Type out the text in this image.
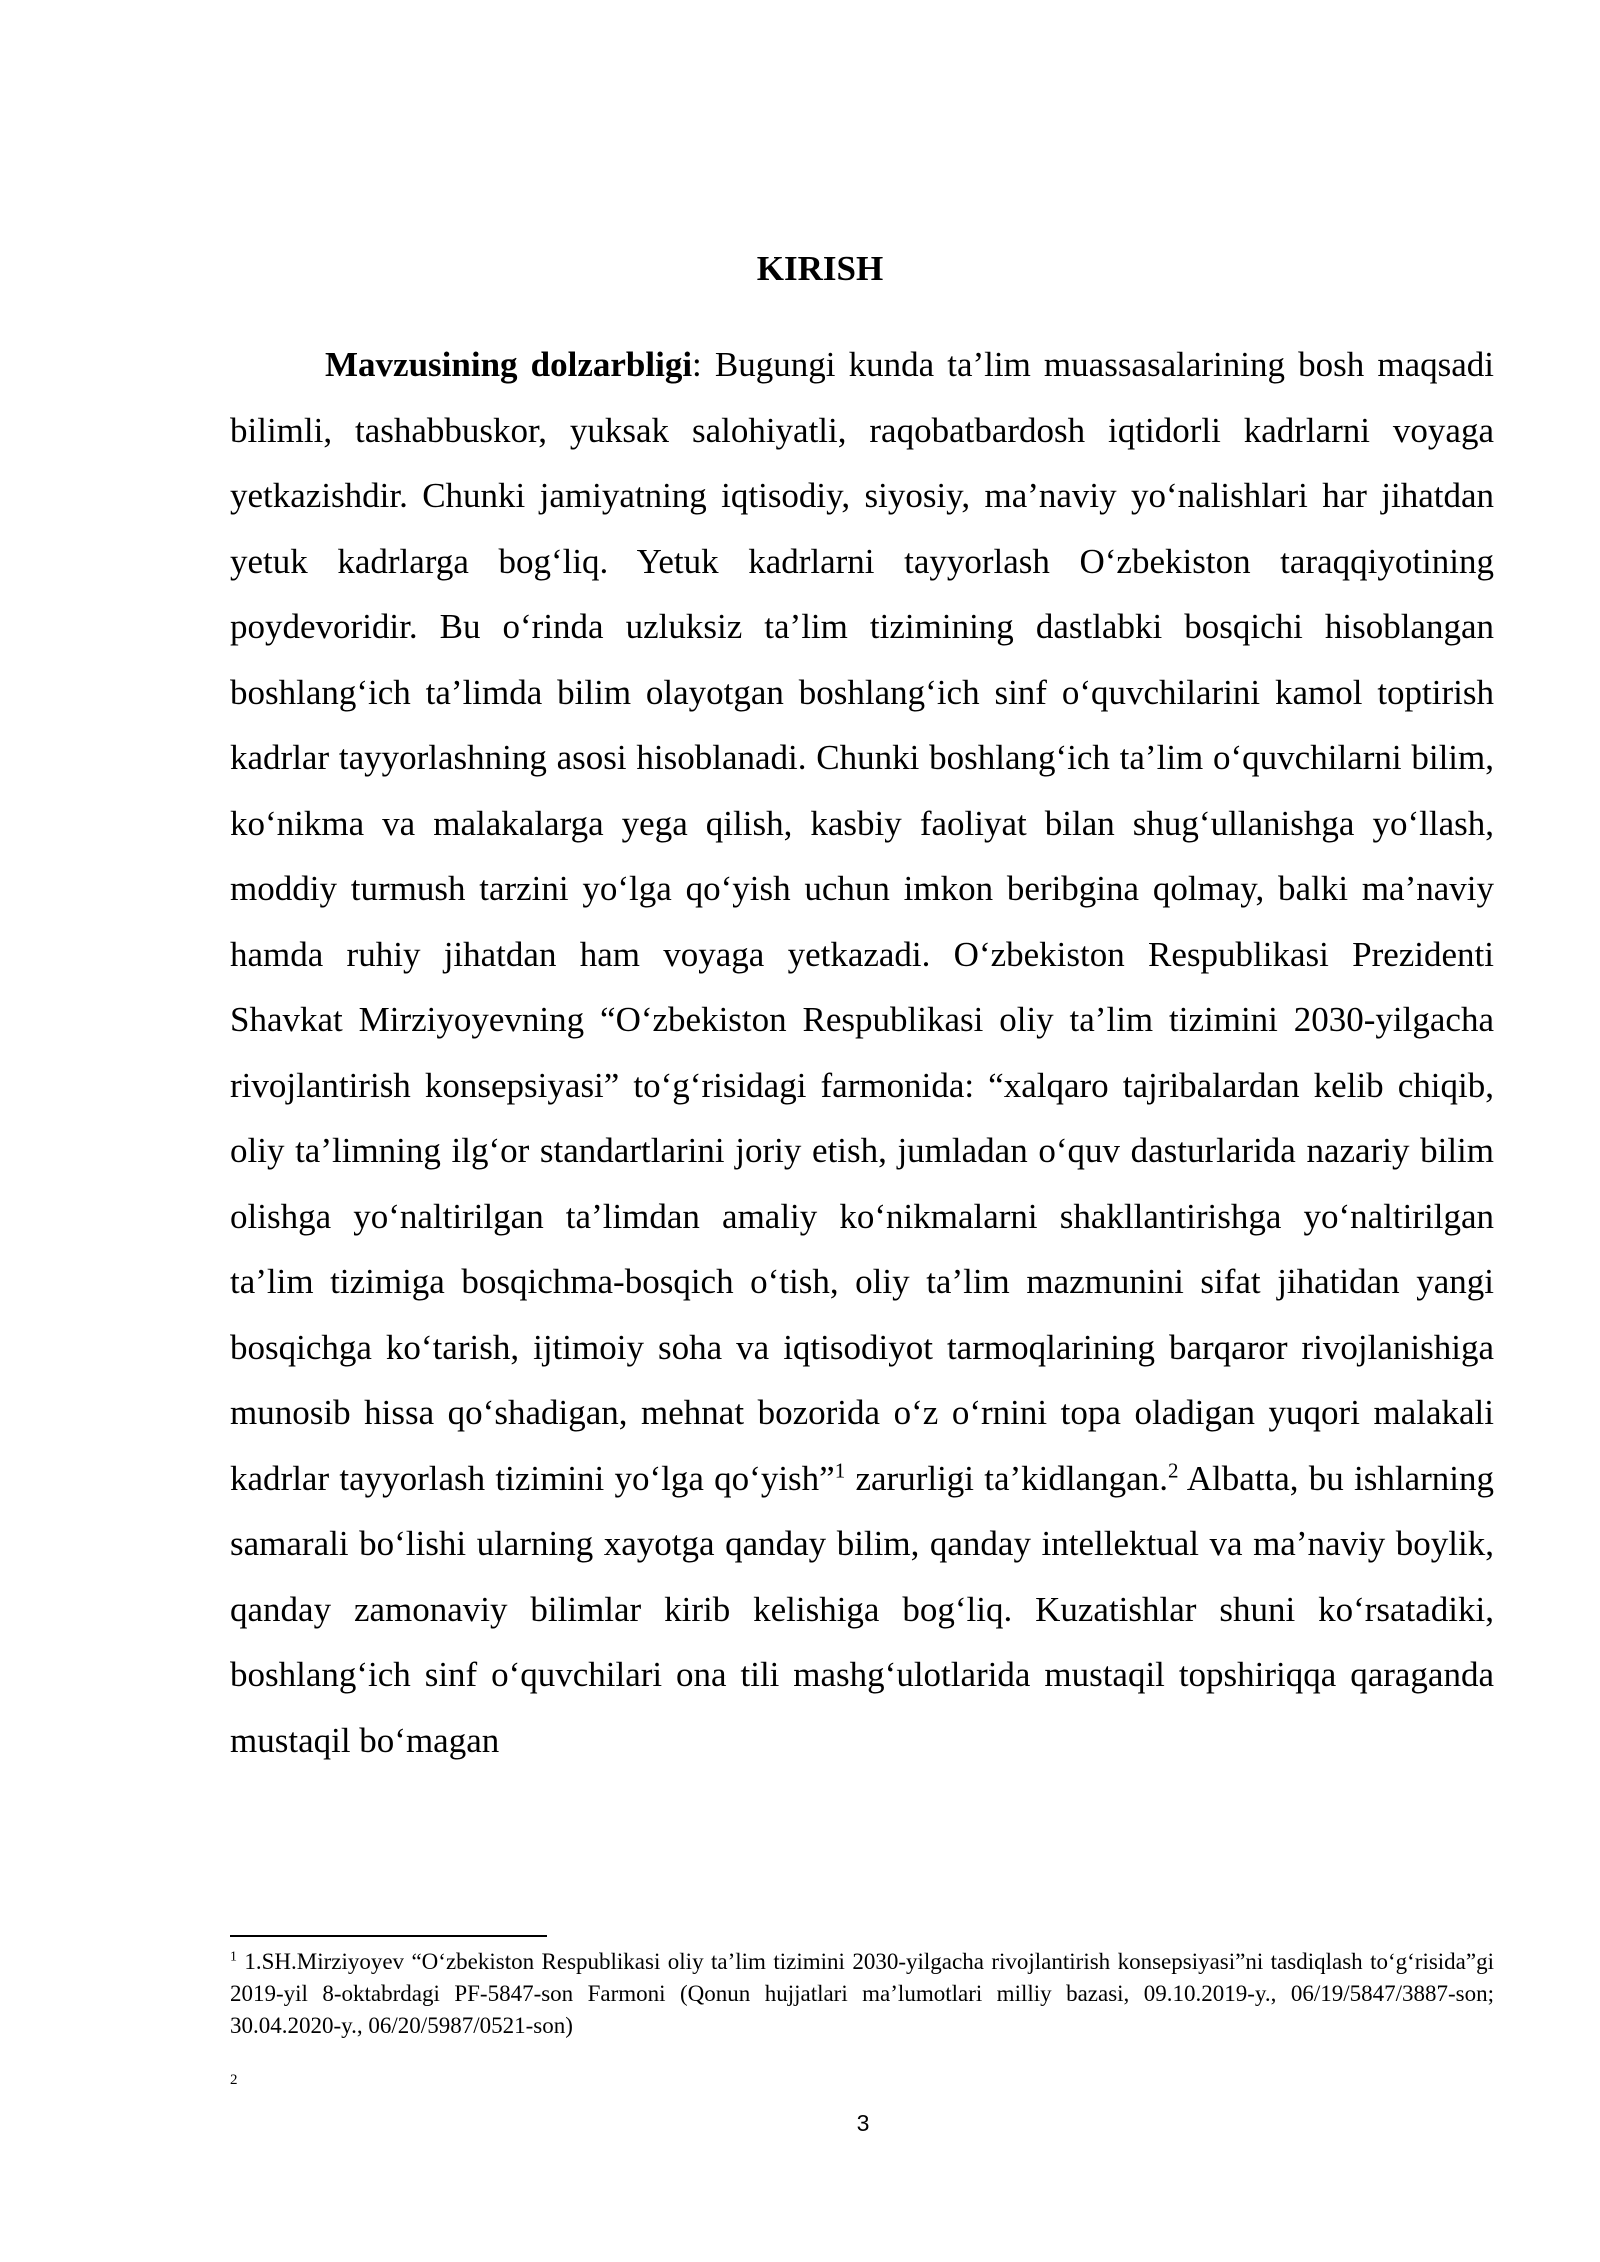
KIRISH

Mavzusining dolzarbligi: Bugungi kunda ta’lim muassasalarining bosh maqsadi bilimli, tashabbuskor, yuksak salohiyatli, raqobatbardosh iqtidorli kadrlarni voyaga yetkazishdir. Chunki jamiyatning iqtisodiy, siyosiy, ma’naviy yo‘nalishlari har jihatdan yetuk kadrlarga bog‘liq. Yetuk kadrlarni tayyorlash O‘zbekiston taraqqiyotining poydevoridir. Bu o‘rinda uzluksiz ta’lim tizimining dastlabki bosqichi hisoblangan boshlang‘ich ta’limda bilim olayotgan boshlang‘ich sinf o‘quvchilarini kamol toptirish kadrlar tayyorlashning asosi hisoblanadi. Chunki boshlang‘ich ta’lim o‘quvchilarni bilim, ko‘nikma va malakalarga yega qilish, kasbiy faoliyat bilan shug‘ullanishga yo‘llash, moddiy turmush tarzini yo‘lga qo‘yish uchun imkon beribgina qolmay, balki ma’naviy hamda ruhiy jihatdan ham voyaga yetkazadi. O‘zbekiston Respublikasi Prezidenti Shavkat Mirziyoyevning “O‘zbekiston Respublikasi oliy ta’lim tizimini 2030-yilgacha rivojlantirish konsepsiyasi” to‘g‘risidagi farmonida: “xalqaro tajribalardan kelib chiqib, oliy ta’limning ilg‘or standartlarini joriy etish, jumladan o‘quv dasturlarida nazariy bilim olishga yo‘naltirilgan ta’limdan amaliy ko‘nikmalarni shakllantirishga yo‘naltirilgan ta’lim tizimiga bosqichma-bosqich o‘tish, oliy ta’lim mazmunini sifat jihatidan yangi bosqichga ko‘tarish, ijtimoiy soha va iqtisodiyot tarmoqlarining barqaror rivojlanishiga munosib hissa qo‘shadigan, mehnat bozorida o‘z o‘rnini topa oladigan yuqori malakali kadrlar tayyorlash tizimini yo‘lga qo‘yish”$^1$ zarurligi ta’kidlangan.$^2$ Albatta, bu ishlarning samarali bo‘lishi ularning xayotga qanday bilim, qanday intellektual va ma’naviy boylik, qanday zamonaviy bilimlar kirib kelishiga bog‘liq. Kuzatishlar shuni ko‘rsatadiki, boshlang‘ich sinf o‘quvchilari ona tili mashg‘ulotlarida mustaqil topshiriqqa qaraganda mustaqil bo‘magan

$^1$ 1.SH.Mirziyoyev “O‘zbekiston Respublikasi oliy ta’lim tizimini 2030-yilgacha rivojlantirish konsepsiyasi”ni tasdiqlash to‘g‘risida”gi 2019-yil 8-oktabrdagi PF-5847-son Farmoni (Qonun hujjatlari ma’lumotlari milliy bazasi, 09.10.2019-y., 06/19/5847/3887-son; 30.04.2020-y., 06/20/5987/0521-son)

2
3
